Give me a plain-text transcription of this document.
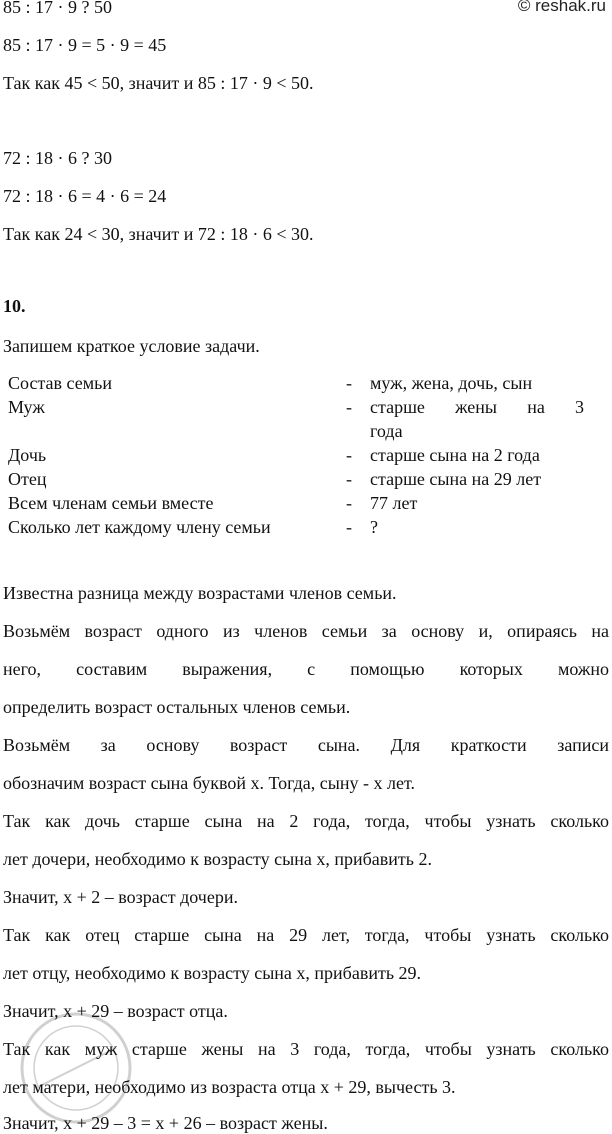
© reshak.ru
85 : 17 · 9 ? 50
85 : 17 · 9 = 5 · 9 = 45
Так как 45 < 50, значит и 85 : 17 · 9 < 50.
72 : 18 · 6 ? 30
72 : 18 · 6 = 4 · 6 = 24
Так как 24 < 30, значит и 72 : 18 · 6 < 30.
10.
Запишем краткое условие задачи.
Состав семьи	-	муж, жена, дочь, сын
Муж	-	старше жены на 3
года
Дочь	-	старше сына на 2 года
Отец	-	старше сына на 29 лет
Всем членам семьи вместе	-	77 лет
Сколько лет каждому члену семьи	-	?
Известна разница между возрастами членов семьи.
Возьмём возраст одного из членов семьи за основу и, опираясь на
него, составим выражения, с помощью которых можно
определить возраст остальных членов семьи.
Возьмём за основу возраст сына. Для краткости записи
обозначим возраст сына буквой x. Тогда, сыну - x лет.
Так как дочь старше сына на 2 года, тогда, чтобы узнать сколько
лет дочери, необходимо к возрасту сына x, прибавить 2.
Значит, x + 2 – возраст дочери.
Так как отец старше сына на 29 лет, тогда, чтобы узнать сколько
лет отцу, необходимо к возрасту сына x, прибавить 29.
Значит, x + 29 – возраст отца.
Так как муж старше жены на 3 года, тогда, чтобы узнать сколько
лет матери, необходимо из возраста отца x + 29, вычесть 3.
Значит, x + 29 – 3 = x + 26 – возраст жены.
